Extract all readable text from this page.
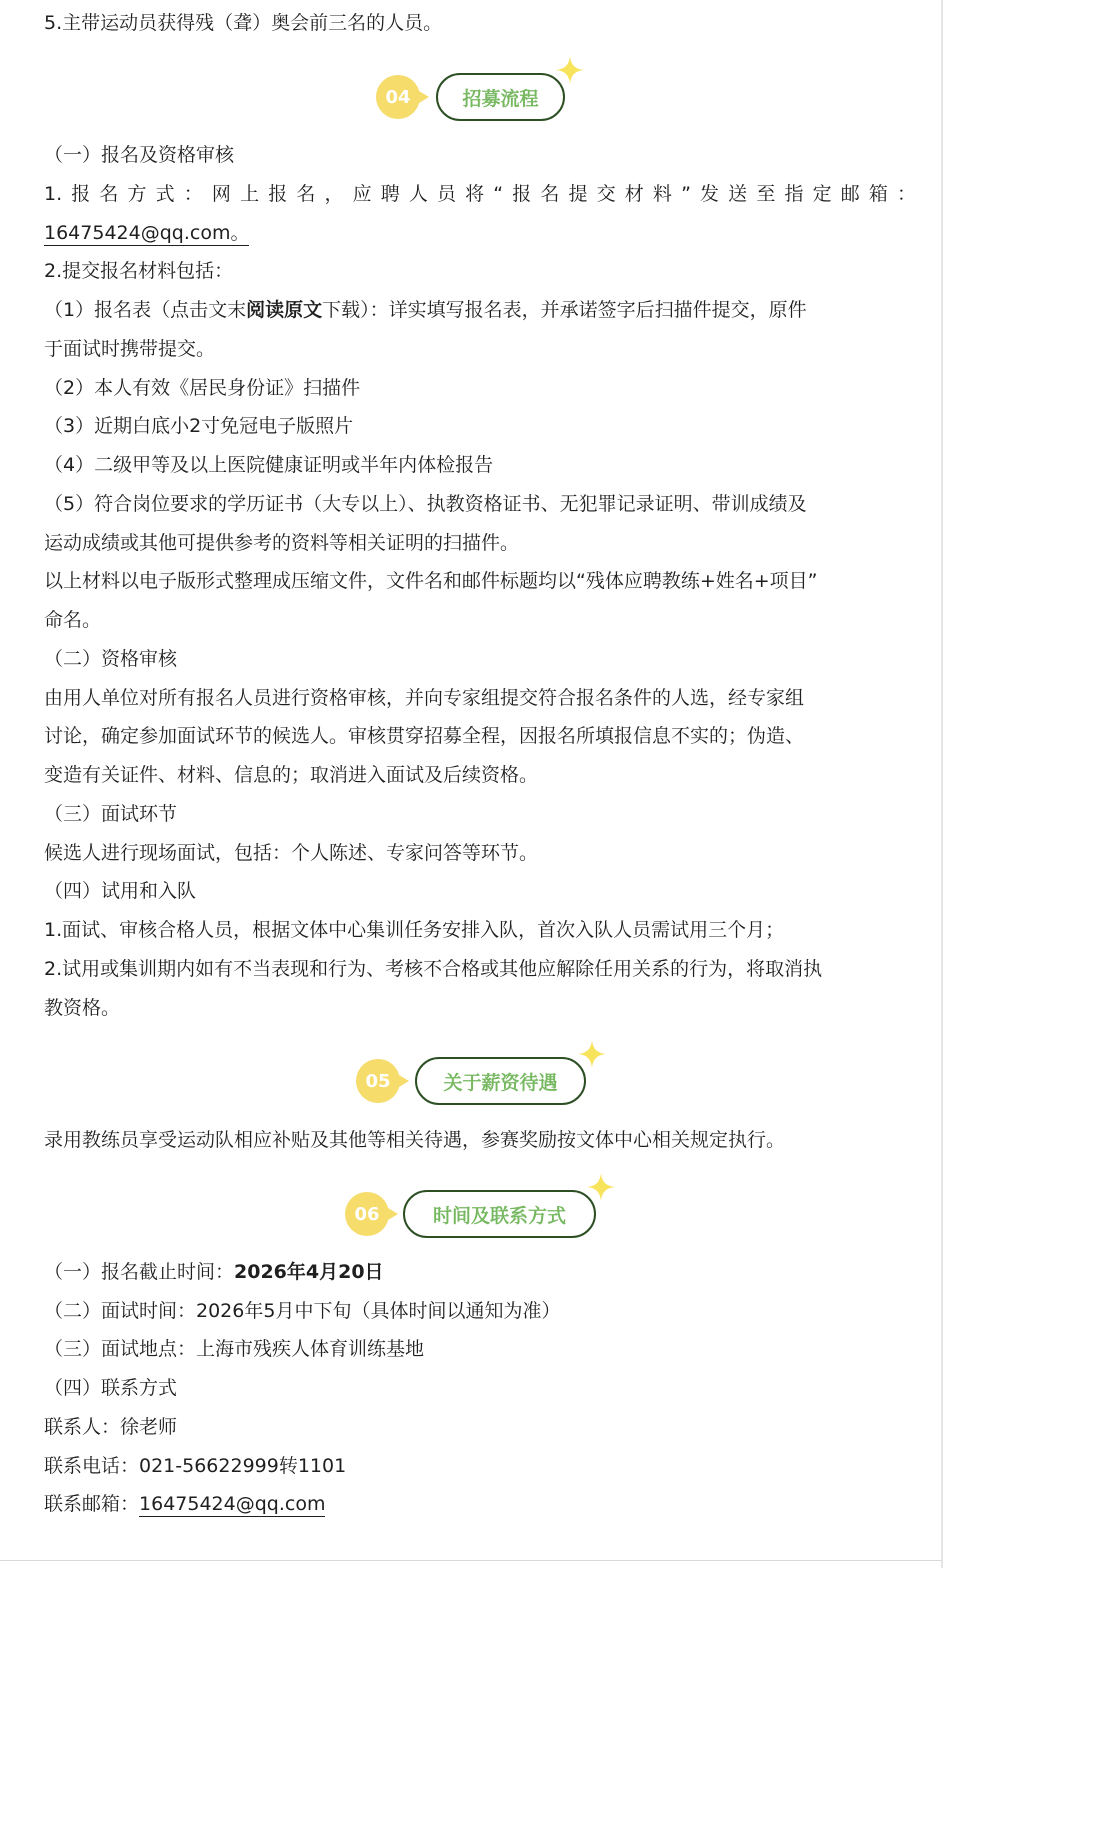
5.主带运动员获得残（聋）奥会前三名的人员。

04	招募流程

（一）报名及资格审核

1.报名方式：网上报名，应聘人员将“报名提交材料”发送至指定邮箱：

16475424@qq.com。

2.提交报名材料包括：

（1）报名表（点击文末阅读原文下载）：详实填写报名表，并承诺签字后扫描件提交，原件

于面试时携带提交。

（2）本人有效《居民身份证》扫描件

（3）近期白底小2寸免冠电子版照片

（4）二级甲等及以上医院健康证明或半年内体检报告

（5）符合岗位要求的学历证书（大专以上）、执教资格证书、无犯罪记录证明、带训成绩及

运动成绩或其他可提供参考的资料等相关证明的扫描件。

以上材料以电子版形式整理成压缩文件，文件名和邮件标题均以“残体应聘教练+姓名+项目”

命名。

（二）资格审核

由用人单位对所有报名人员进行资格审核，并向专家组提交符合报名条件的人选，经专家组

讨论，确定参加面试环节的候选人。审核贯穿招募全程，因报名所填报信息不实的；伪造、

变造有关证件、材料、信息的；取消进入面试及后续资格。

（三）面试环节

候选人进行现场面试，包括：个人陈述、专家问答等环节。

（四）试用和入队

1.面试、审核合格人员，根据文体中心集训任务安排入队，首次入队人员需试用三个月；

2.试用或集训期内如有不当表现和行为、考核不合格或其他应解除任用关系的行为，将取消执

教资格。

05	关于薪资待遇

录用教练员享受运动队相应补贴及其他等相关待遇，参赛奖励按文体中心相关规定执行。

06	时间及联系方式

（一）报名截止时间：2026年4月20日

（二）面试时间：2026年5月中下旬（具体时间以通知为准）

（三）面试地点：上海市残疾人体育训练基地

（四）联系方式

联系人：徐老师

联系电话：021-56622999转1101

联系邮箱：16475424@qq.com
